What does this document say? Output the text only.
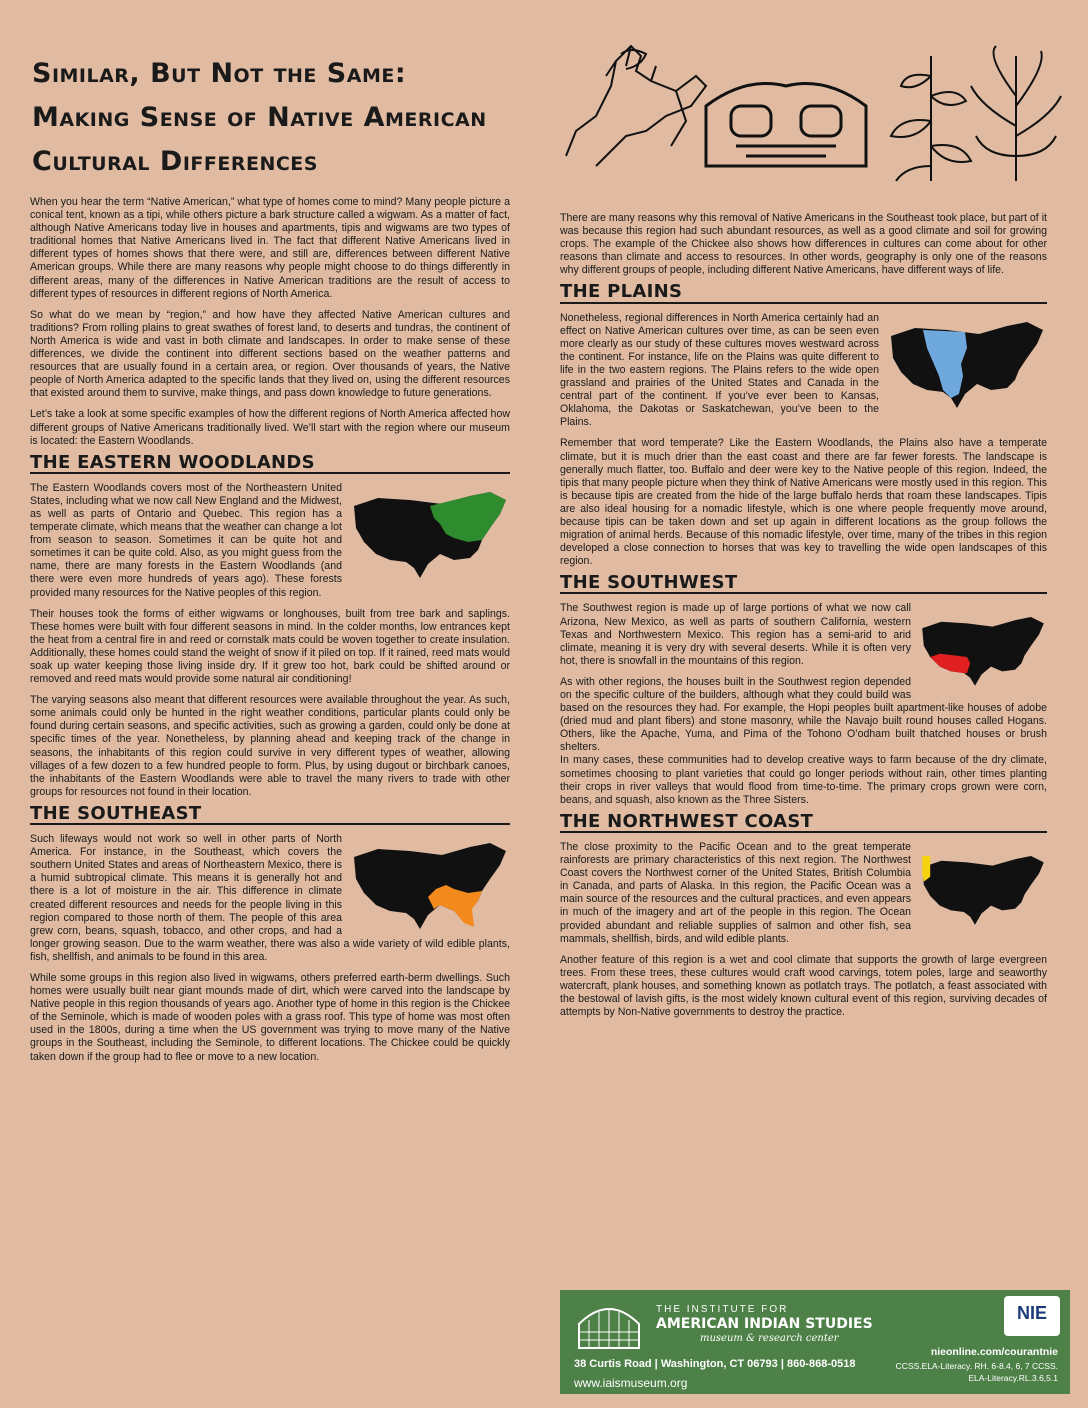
Similar, But Not the Same:
Making Sense of Native American
Cultural Differences

When you hear the term “Native American,” what type of homes come to mind? Many people picture a conical tent, known as a tipi, while others picture a bark structure called a wigwam. As a matter of fact, although Native Americans today live in houses and apartments, tipis and wigwams are two types of traditional homes that Native Americans lived in. The fact that different Native Americans lived in different types of homes shows that there were, and still are, differences between different Native American groups. While there are many reasons why people might choose to do things differently in different areas, many of the differences in Native American traditions are the result of access to different types of resources in different regions of North America.

So what do we mean by “region,” and how have they affected Native American cultures and traditions? From rolling plains to great swathes of forest land, to deserts and tundras, the continent of North America is wide and vast in both climate and landscapes. In order to make sense of these differences, we divide the continent into different sections based on the weather patterns and resources that are usually found in a certain area, or region. Over thousands of years, the Native people of North America adapted to the specific lands that they lived on, using the different resources that existed around them to survive, make things, and pass down knowledge to future generations.

Let’s take a look at some specific examples of how the different regions of North America affected how different groups of Native Americans traditionally lived. We’ll start with the region where our museum is located: the Eastern Woodlands.

THE EASTERN WOODLANDS

The Eastern Woodlands covers most of the Northeastern United States, including what we now call New England and the Midwest, as well as parts of Ontario and Quebec. This region has a temperate climate, which means that the weather can change a lot from season to season. Sometimes it can be quite hot and sometimes it can be quite cold. Also, as you might guess from the name, there are many forests in the Eastern Woodlands (and there were even more hundreds of years ago). These forests provided many resources for the Native peoples of this region.

Their houses took the forms of either wigwams or longhouses, built from tree bark and saplings. These homes were built with four different seasons in mind. In the colder months, low entrances kept the heat from a central fire in and reed or cornstalk mats could be woven together to create insulation. Additionally, these homes could stand the weight of snow if it piled on top. If it rained, reed mats would soak up water keeping those living inside dry. If it grew too hot, bark could be shifted around or removed and reed mats would provide some natural air conditioning!

The varying seasons also meant that different resources were available throughout the year. As such, some animals could only be hunted in the right weather conditions, particular plants could only be found during certain seasons, and specific activities, such as growing a garden, could only be done at specific times of the year. Nonetheless, by planning ahead and keeping track of the change in seasons, the inhabitants of this region could survive in very different types of weather, allowing villages of a few dozen to a few hundred people to form. Plus, by using dugout or birchbark canoes, the inhabitants of the Eastern Woodlands were able to travel the many rivers to trade with other groups for resources not found in their location.

THE SOUTHEAST

Such lifeways would not work so well in other parts of North America. For instance, in the Southeast, which covers the southern United States and areas of Northeastern Mexico, there is a humid subtropical climate. This means it is generally hot and there is a lot of moisture in the air. This difference in climate created different resources and needs for the people living in this region compared to those north of them. The people of this area grew corn, beans, squash, tobacco, and other crops, and had a longer growing season. Due to the warm weather, there was also a wide variety of wild edible plants, fish, shellfish, and animals to be found in this area.

While some groups in this region also lived in wigwams, others preferred earth-berm dwellings. Such homes were usually built near giant mounds made of dirt, which were carved into the landscape by Native people in this region thousands of years ago. Another type of home in this region is the Chickee of the Seminole, which is made of wooden poles with a grass roof. This type of home was most often used in the 1800s, during a time when the US government was trying to move many of the Native groups in the Southeast, including the Seminole, to different locations. The Chickee could be quickly taken down if the group had to flee or move to a new location.

There are many reasons why this removal of Native Americans in the Southeast took place, but part of it was because this region had such abundant resources, as well as a good climate and soil for growing crops. The example of the Chickee also shows how differences in cultures can come about for other reasons than climate and access to resources. In other words, geography is only one of the reasons why different groups of people, including different Native Americans, have different ways of life.

THE PLAINS

Nonetheless, regional differences in North America certainly had an effect on Native American cultures over time, as can be seen even more clearly as our study of these cultures moves westward across the continent. For instance, life on the Plains was quite different to life in the two eastern regions. The Plains refers to the wide open grassland and prairies of the United States and Canada in the central part of the continent. If you’ve ever been to Kansas, Oklahoma, the Dakotas or Saskatchewan, you’ve been to the Plains.

Remember that word temperate? Like the Eastern Woodlands, the Plains also have a temperate climate, but it is much drier than the east coast and there are far fewer forests. The landscape is generally much flatter, too. Buffalo and deer were key to the Native people of this region. Indeed, the tipis that many people picture when they think of Native Americans were mostly used in this region. This is because tipis are created from the hide of the large buffalo herds that roam these landscapes. Tipis are also ideal housing for a nomadic lifestyle, which is one where people frequently move around, because tipis can be taken down and set up again in different locations as the group follows the migration of animal herds. Because of this nomadic lifestyle, over time, many of the tribes in this region developed a close connection to horses that was key to travelling the wide open landscapes of this region.

THE SOUTHWEST

The Southwest region is made up of large portions of what we now call Arizona, New Mexico, as well as parts of southern California, western Texas and Northwestern Mexico. This region has a semi-arid to arid climate, meaning it is very dry with several deserts. While it is often very hot, there is snowfall in the mountains of this region.

As with other regions, the houses built in the Southwest region depended on the specific culture of the builders, although what they could build was based on the resources they had. For example, the Hopi peoples built apartment-like houses of adobe (dried mud and plant fibers) and stone masonry, while the Navajo built round houses called Hogans. Others, like the Apache, Yuma, and Pima of the Tohono O’odham built thatched houses or brush shelters.

In many cases, these communities had to develop creative ways to farm because of the dry climate, sometimes choosing to plant varieties that could go longer periods without rain, other times planting their crops in river valleys that would flood from time-to-time. The primary crops grown were corn, beans, and squash, also known as the Three Sisters.

THE NORTHWEST COAST

The close proximity to the Pacific Ocean and to the great temperate rainforests are primary characteristics of this next region. The Northwest Coast covers the Northwest corner of the United States, British Columbia in Canada, and parts of Alaska. In this region, the Pacific Ocean was a main source of the resources and the cultural practices, and even appears in much of the imagery and art of the people in this region. The Ocean provided abundant and reliable supplies of salmon and other fish, sea mammals, shellfish, birds, and wild edible plants.

Another feature of this region is a wet and cool climate that supports the growth of large evergreen trees. From these trees, these cultures would craft wood carvings, totem poles, large and seaworthy watercraft, plank houses, and something known as potlatch trays. The potlatch, a feast associated with the bestowal of lavish gifts, is the most widely known cultural event of this region, surviving decades of attempts by Non-Native governments to destroy the practice.

THE INSTITUTE FOR
AMERICAN INDIAN STUDIES
museum & research center
38 Curtis Road | Washington, CT 06793 | 860-868-0518
www.iaismuseum.org
NIE
nieonline.com/courantnie
CCSS.ELA-Literacy. RH. 6-8.4, 6, 7 CCSS.
ELA-Literacy.RL.3.6,5.1
